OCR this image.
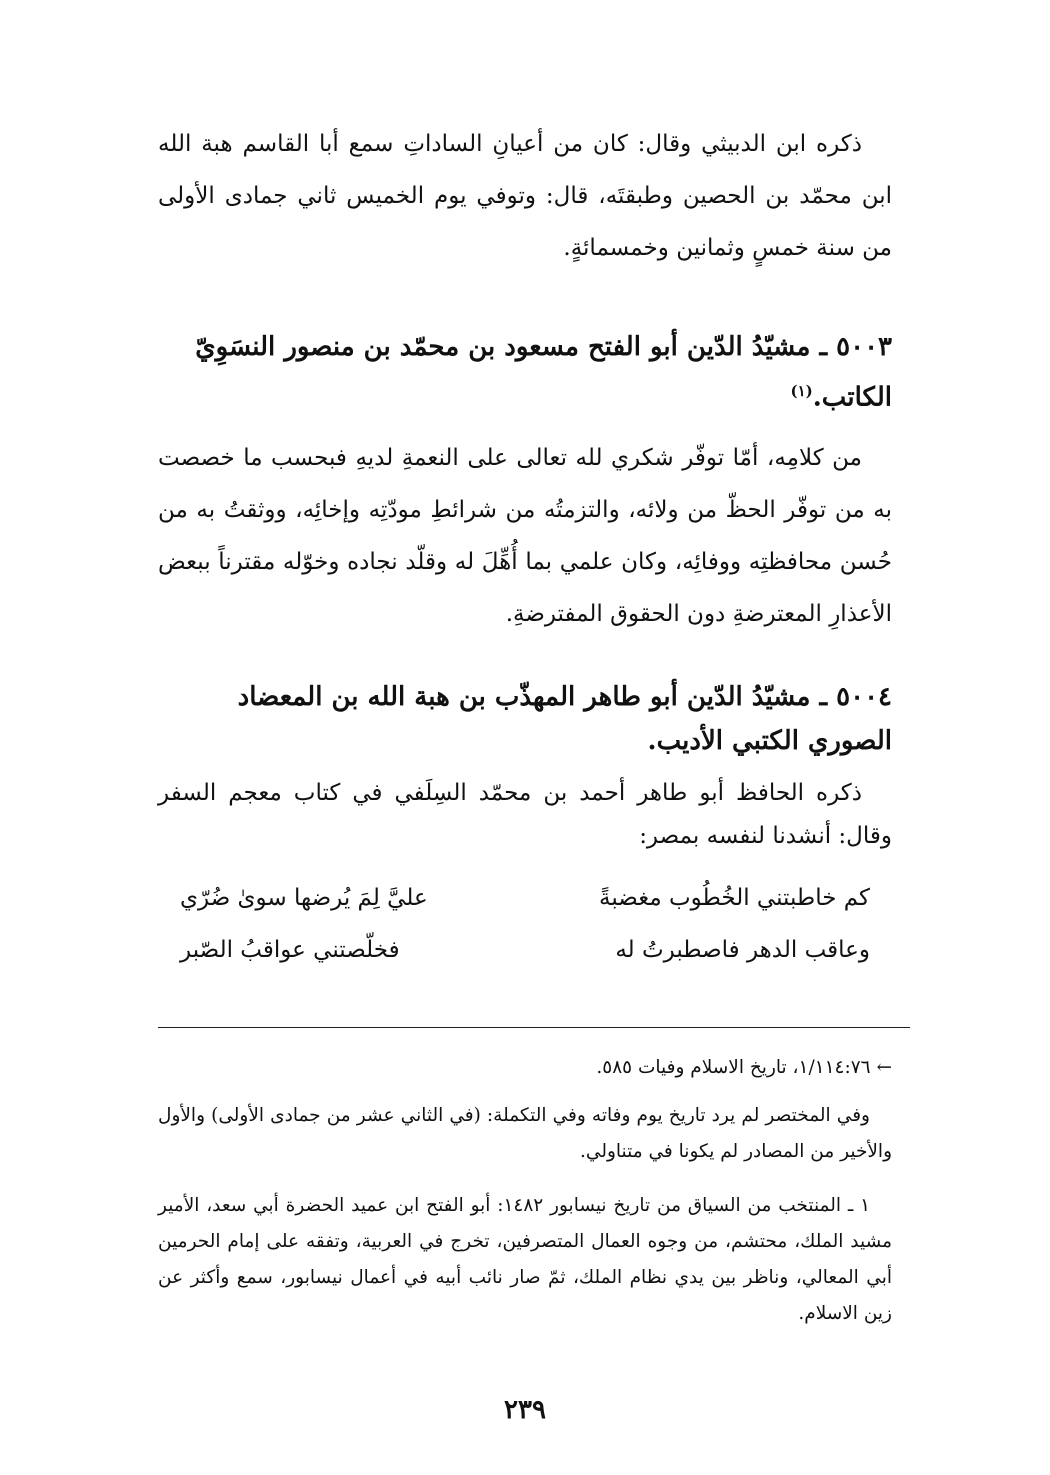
ذكره ابن الدبيثي وقال: كان من أعيانِ الساداتِ سمع أبا القاسم هبة الله ابن محمّد بن الحصين وطبقتَه، قال: وتوفي يوم الخميس ثاني جمادى الأولى من سنة خمسٍ وثمانين وخمسمائةٍ.

٥٠٠٣ ـ مشيّدُ الدّين أبو الفتح مسعود بن محمّد بن منصور النسَوِيّ الكاتب.$^{(١)}$

من كلامِه، أمّا توفّر شكري لله تعالى على النعمةِ لديهِ فبحسب ما خصصت به من توفّر الحظّ من ولائه، والتزمتُه من شرائطِ مودّتِه وإخائِه، ووثقتُ به من حُسن محافظتِه ووفائِه، وكان علمي بما أُهِّلَ له وقلّد نجاده وخوّله مقترناً ببعض الأعذارِ المعترضةِ دون الحقوق المفترضةِ.

٥٠٠٤ ـ مشيّدُ الدّين أبو طاهر المهذّب بن هبة الله بن المعضاد الصوري الكتبي الأديب.

ذكره الحافظ أبو طاهر أحمد بن محمّد السِلَفي في كتاب معجم السفر وقال: أنشدنا لنفسه بمصر:

كم خاطبتني الخُطُوب مغضبةً
عليَّ لِمَ يُرضها سوىٰ ضُرّي
وعاقب الدهر فاصطبرتُ له
فخلّصتني عواقبُ الصّبر

← ١/١١٤:٧٦، تاريخ الاسلام وفيات ٥٨٥.

وفي المختصر لم يرد تاريخ يوم وفاته وفي التكملة: (في الثاني عشر من جمادى الأولى) والأول والأخير من المصادر لم يكونا في متناولي.

١ ـ المنتخب من السياق من تاريخ نيسابور ١٤٨٢: أبو الفتح ابن عميد الحضرة أبي سعد، الأمير مشيد الملك، محتشم، من وجوه العمال المتصرفين، تخرج في العربية، وتفقه على إمام الحرمين أبي المعالي، وناظر بين يدي نظام الملك، ثمّ صار نائب أبيه في أعمال نيسابور، سمع وأكثر عن زين الاسلام.

٢٣٩
